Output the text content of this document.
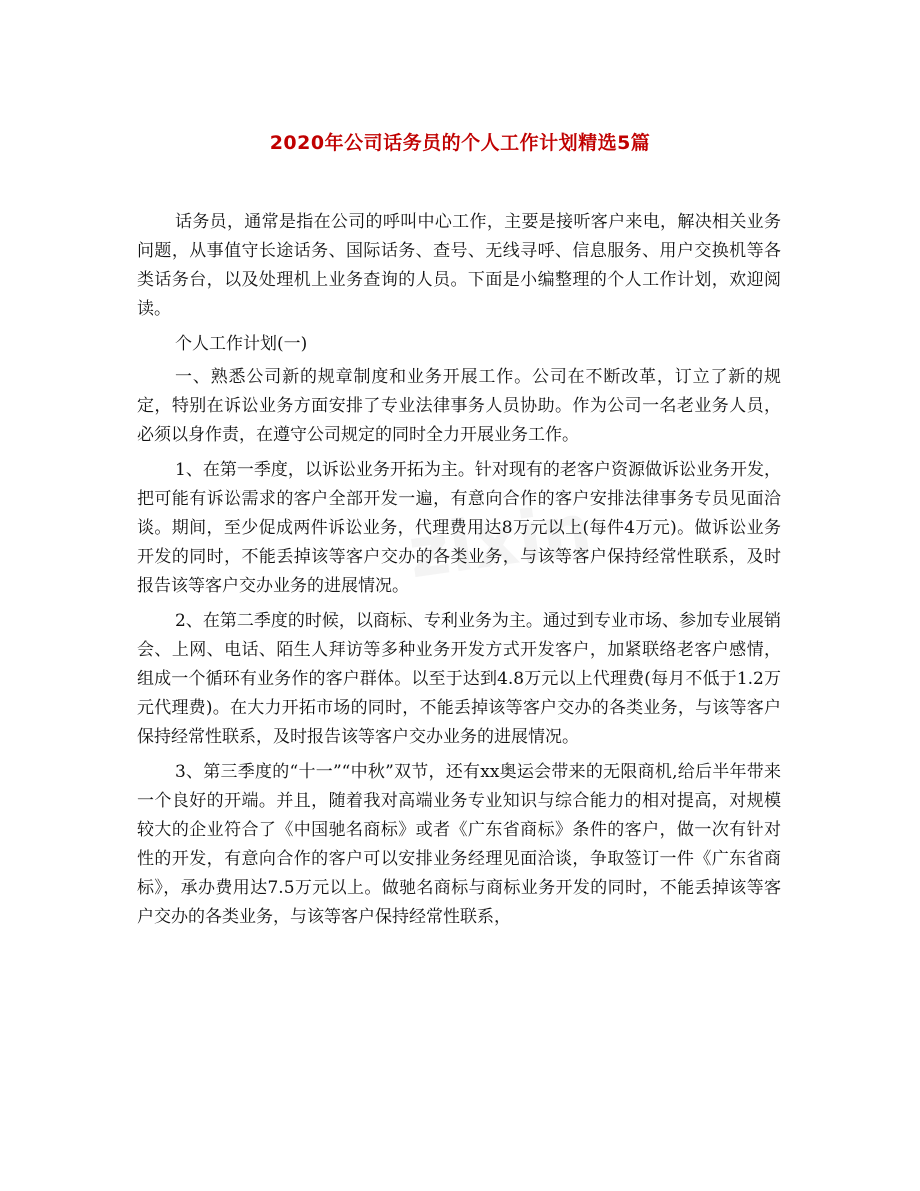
2020年公司话务员的个人工作计划精选5篇

话务员，通常是指在公司的呼叫中心工作，主要是接听客户来电，解决相关业务问题，从事值守长途话务、国际话务、查号、无线寻呼、信息服务、用户交换机等各类话务台，以及处理机上业务查询的人员。下面是小编整理的个人工作计划，欢迎阅读。

个人工作计划(一)

一、熟悉公司新的规章制度和业务开展工作。公司在不断改革，订立了新的规定，特别在诉讼业务方面安排了专业法律事务人员协助。作为公司一名老业务人员，必须以身作责，在遵守公司规定的同时全力开展业务工作。

1、在第一季度，以诉讼业务开拓为主。针对现有的老客户资源做诉讼业务开发，把可能有诉讼需求的客户全部开发一遍，有意向合作的客户安排法律事务专员见面洽谈。期间，至少促成两件诉讼业务，代理费用达8万元以上(每件4万元)。做诉讼业务开发的同时，不能丢掉该等客户交办的各类业务，与该等客户保持经常性联系，及时报告该等客户交办业务的进展情况。

2、在第二季度的时候，以商标、专利业务为主。通过到专业市场、参加专业展销会、上网、电话、陌生人拜访等多种业务开发方式开发客户，加紧联络老客户感情，组成一个循环有业务作的客户群体。以至于达到4.8万元以上代理费(每月不低于1.2万元代理费)。在大力开拓市场的同时，不能丢掉该等客户交办的各类业务，与该等客户保持经常性联系，及时报告该等客户交办业务的进展情况。

3、第三季度的“十一”“中秋”双节，还有xx奥运会带来的无限商机,给后半年带来一个良好的开端。并且，随着我对高端业务专业知识与综合能力的相对提高，对规模较大的企业符合了《中国驰名商标》或者《广东省商标》条件的客户，做一次有针对性的开发，有意向合作的客户可以安排业务经理见面洽谈，争取签订一件《广东省商标》，承办费用达7.5万元以上。做驰名商标与商标业务开发的同时，不能丢掉该等客户交办的各类业务，与该等客户保持经常性联系，
